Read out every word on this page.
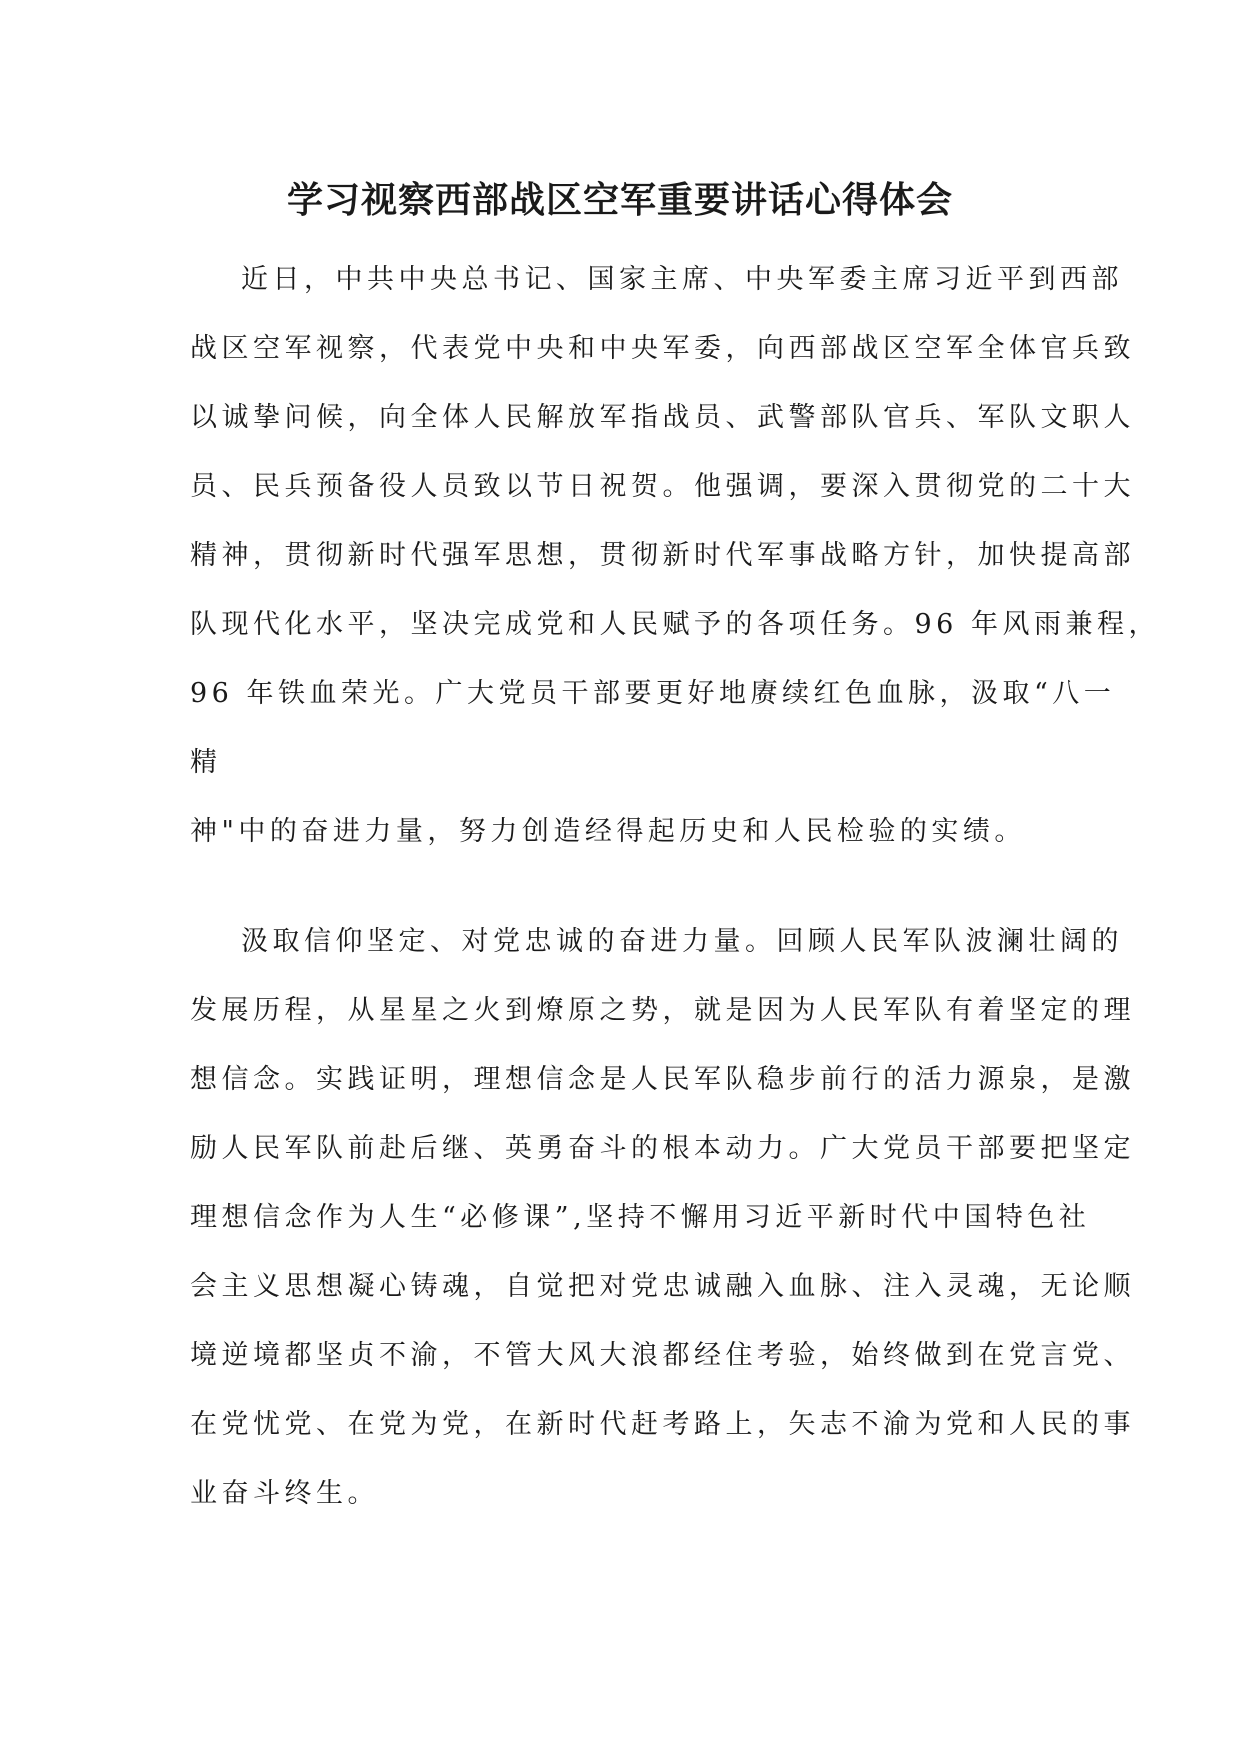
学习视察西部战区空军重要讲话心得体会

近日，中共中央总书记、国家主席、中央军委主席习近平到西部

战区空军视察，代表党中央和中央军委，向西部战区空军全体官兵致

以诚挚问候，向全体人民解放军指战员、武警部队官兵、军队文职人

员、民兵预备役人员致以节日祝贺。他强调，要深入贯彻党的二十大

精神，贯彻新时代强军思想，贯彻新时代军事战略方针，加快提高部

队现代化水平，坚决完成党和人民赋予的各项任务。96 年风雨兼程，

96 年铁血荣光。广大党员干部要更好地赓续红色血脉，汲取“八一

精

神"中的奋进力量，努力创造经得起历史和人民检验的实绩。

汲取信仰坚定、对党忠诚的奋进力量。回顾人民军队波澜壮阔的

发展历程，从星星之火到燎原之势，就是因为人民军队有着坚定的理

想信念。实践证明，理想信念是人民军队稳步前行的活力源泉，是激

励人民军队前赴后继、英勇奋斗的根本动力。广大党员干部要把坚定

理想信念作为人生“必修课”,坚持不懈用习近平新时代中国特色社

会主义思想凝心铸魂，自觉把对党忠诚融入血脉、注入灵魂，无论顺

境逆境都坚贞不渝，不管大风大浪都经住考验，始终做到在党言党、

在党忧党、在党为党，在新时代赶考路上，矢志不渝为党和人民的事

业奋斗终生。
